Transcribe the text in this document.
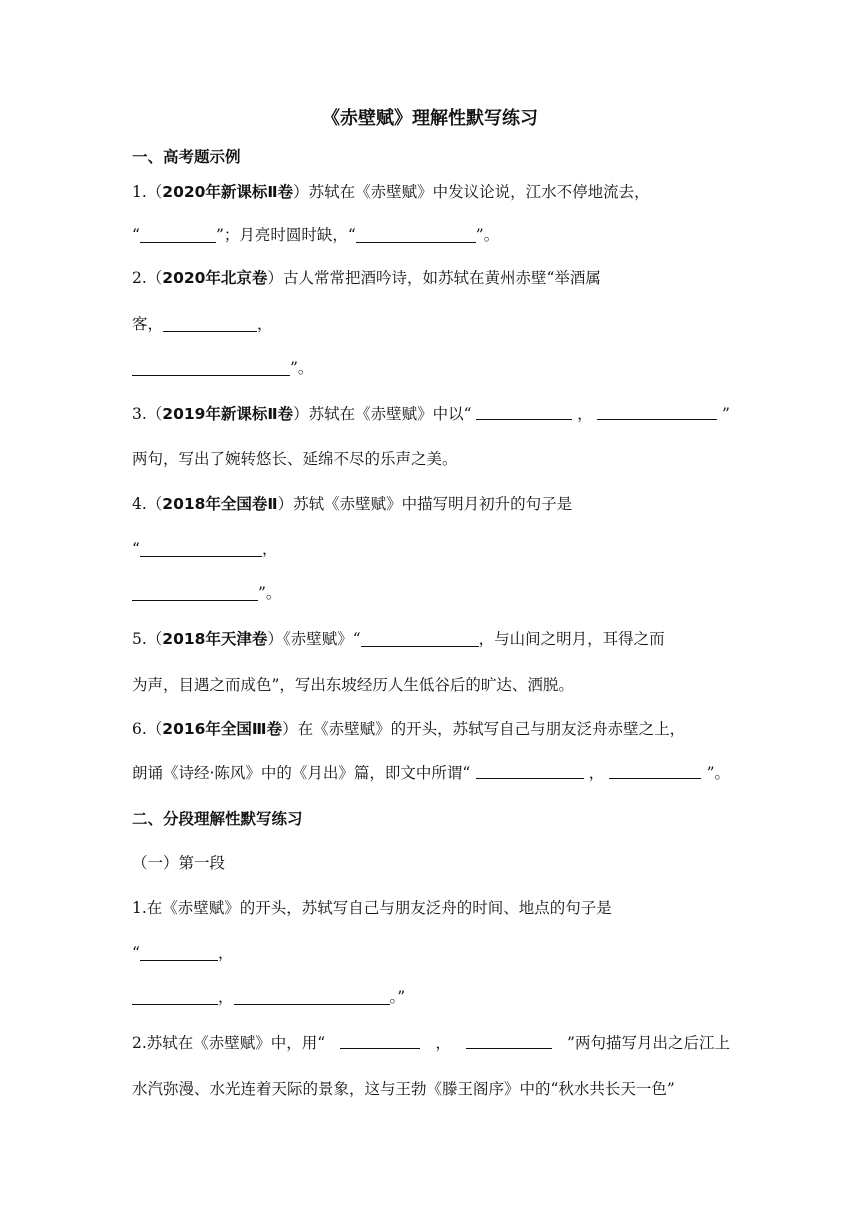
《赤壁赋》理解性默写练习
一、高考题示例
1.（2020年新课标Ⅱ卷）苏轼在《赤壁赋》中发议论说，江水不停地流去，
“	”；月亮时圆时缺，“	”。
2.（2020年北京卷）古人常常把酒吟诗，如苏轼在黄州赤壁“举酒属
客，	，
”。
3.（2019年新课标Ⅱ卷）苏轼在《赤壁赋》中以“	，	”
两句，写出了婉转悠长、延绵不尽的乐声之美。
4.（2018年全国卷Ⅱ）苏轼《赤壁赋》中描写明月初升的句子是
“	，
”。
5.（2018年天津卷）《赤壁赋》“	，与山间之明月，耳得之而
为声，目遇之而成色”，写出东坡经历人生低谷后的旷达、洒脱。
6.（2016年全国Ⅲ卷）在《赤壁赋》的开头，苏轼写自己与朋友泛舟赤壁之上，
朗诵《诗经·陈风》中的《月出》篇，即文中所谓“	，	”。
二、分段理解性默写练习
（一）第一段
1.在《赤壁赋》的开头，苏轼写自己与朋友泛舟的时间、地点的句子是
“	，
，	。”
2.苏轼在《赤壁赋》中，用“	，	”两句描写月出之后江上
水汽弥漫、水光连着天际的景象，这与王勃《滕王阁序》中的“秋水共长天一色”
